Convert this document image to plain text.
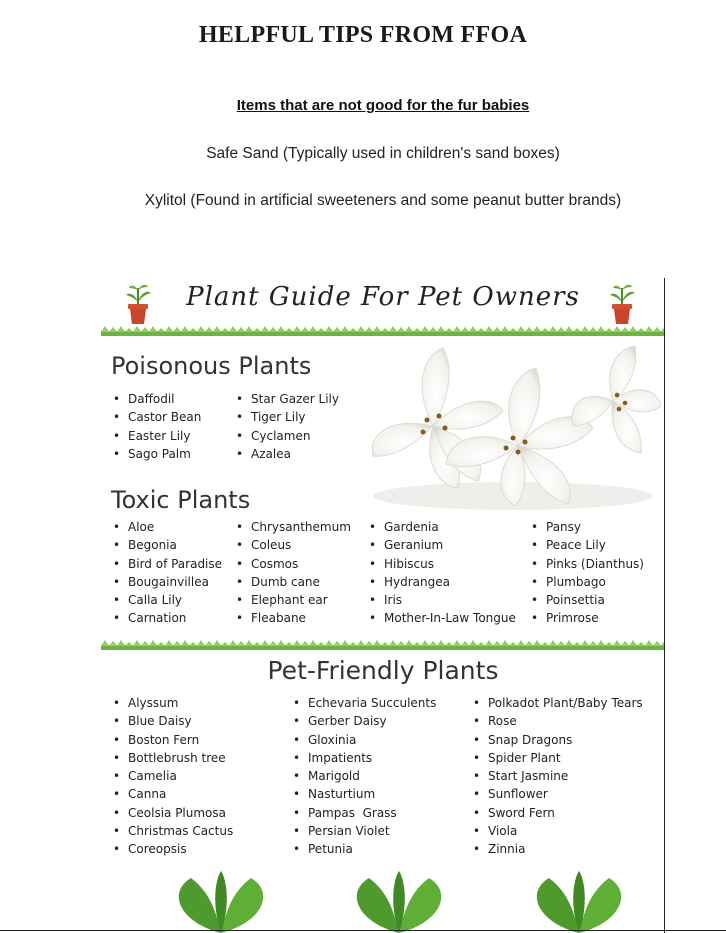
HELPFUL TIPS FROM FFOA
Items that are not good for the fur babies
Safe Sand (Typically used in children's sand boxes)
Xylitol (Found in artificial sweeteners and some peanut butter brands)
Plant Guide For Pet Owners
Poisonous Plants
• Daffodil
• Castor Bean
• Easter Lily
• Sago Palm
• Star Gazer Lily
• Tiger Lily
• Cyclamen
• Azalea
Toxic Plants
• Aloe
• Begonia
• Bird of Paradise
• Bougainvillea
• Calla Lily
• Carnation
• Chrysanthemum
• Coleus
• Cosmos
• Dumb cane
• Elephant ear
• Fleabane
• Gardenia
• Geranium
• Hibiscus
• Hydrangea
• Iris
• Mother-In-Law Tongue
• Pansy
• Peace Lily
• Pinks (Dianthus)
• Plumbago
• Poinsettia
• Primrose
Pet-Friendly Plants
• Alyssum
• Blue Daisy
• Boston Fern
• Bottlebrush tree
• Camelia
• Canna
• Ceolsia Plumosa
• Christmas Cactus
• Coreopsis
• Echevaria Succulents
• Gerber Daisy
• Gloxinia
• Impatients
• Marigold
• Nasturtium
• Pampas  Grass
• Persian Violet
• Petunia
• Polkadot Plant/Baby Tears
• Rose
• Snap Dragons
• Spider Plant
• Start Jasmine
• Sunflower
• Sword Fern
• Viola
• Zinnia
